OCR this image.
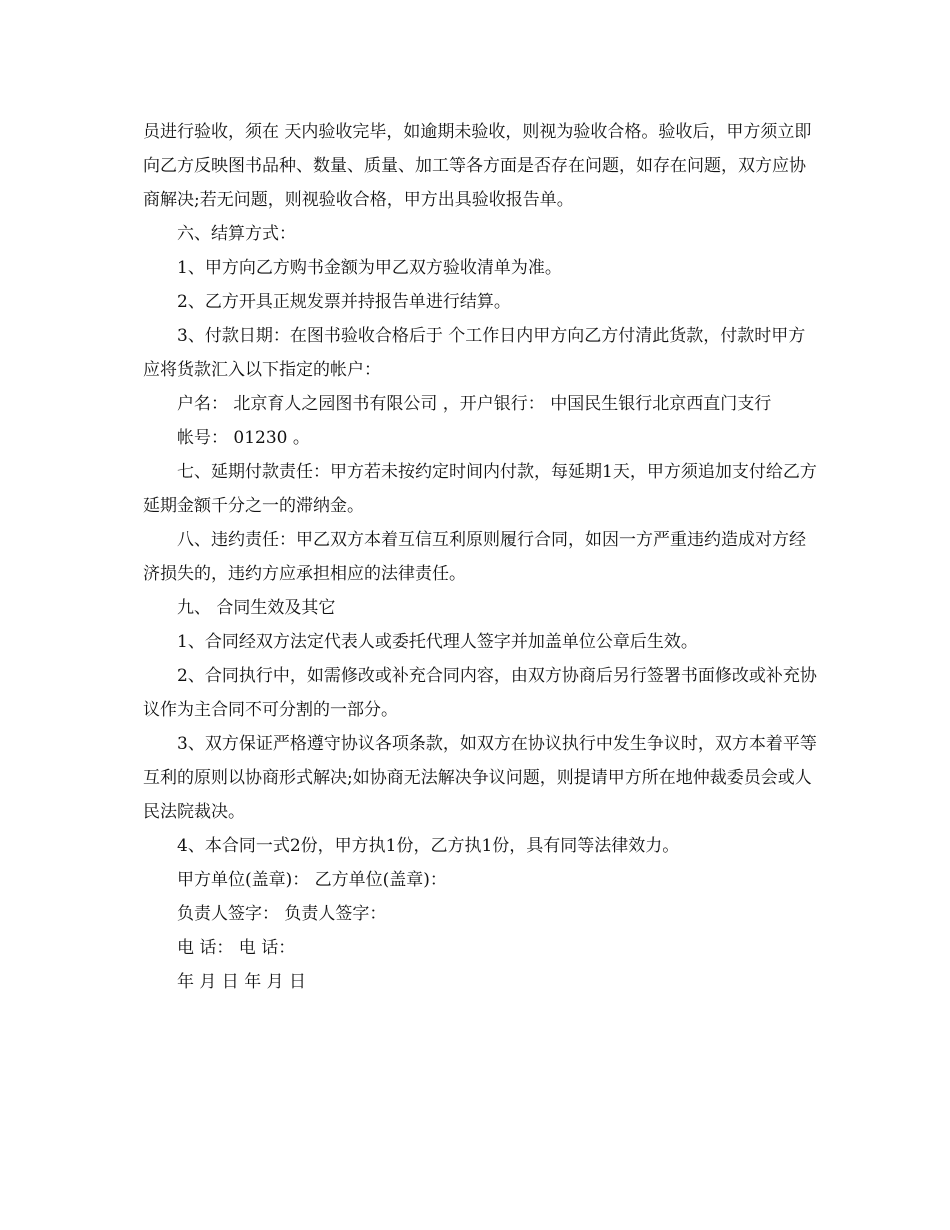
员进行验收，须在 天内验收完毕，如逾期未验收，则视为验收合格。验收后，甲方须立即向乙方反映图书品种、数量、质量、加工等各方面是否存在问题，如存在问题，双方应协商解决;若无问题，则视验收合格，甲方出具验收报告单。

六、结算方式：

1、甲方向乙方购书金额为甲乙双方验收清单为准。

2、乙方开具正规发票并持报告单进行结算。

3、付款日期：在图书验收合格后于 个工作日内甲方向乙方付清此货款，付款时甲方应将货款汇入以下指定的帐户：

户名： 北京育人之园图书有限公司 ，开户银行： 中国民生银行北京西直门支行

帐号： 01230 。

七、延期付款责任：甲方若未按约定时间内付款，每延期1天，甲方须追加支付给乙方延期金额千分之一的滞纳金。

八、违约责任：甲乙双方本着互信互利原则履行合同，如因一方严重违约造成对方经济损失的，违约方应承担相应的法律责任。

九、 合同生效及其它

1、合同经双方法定代表人或委托代理人签字并加盖单位公章后生效。

2、合同执行中，如需修改或补充合同内容，由双方协商后另行签署书面修改或补充协议作为主合同不可分割的一部分。

3、双方保证严格遵守协议各项条款，如双方在协议执行中发生争议时，双方本着平等互利的原则以协商形式解决;如协商无法解决争议问题，则提请甲方所在地仲裁委员会或人民法院裁决。

4、本合同一式2份，甲方执1份，乙方执1份，具有同等法律效力。

甲方单位(盖章)： 乙方单位(盖章)：

负责人签字： 负责人签字：

电 话： 电 话：

年 月 日 年 月 日
